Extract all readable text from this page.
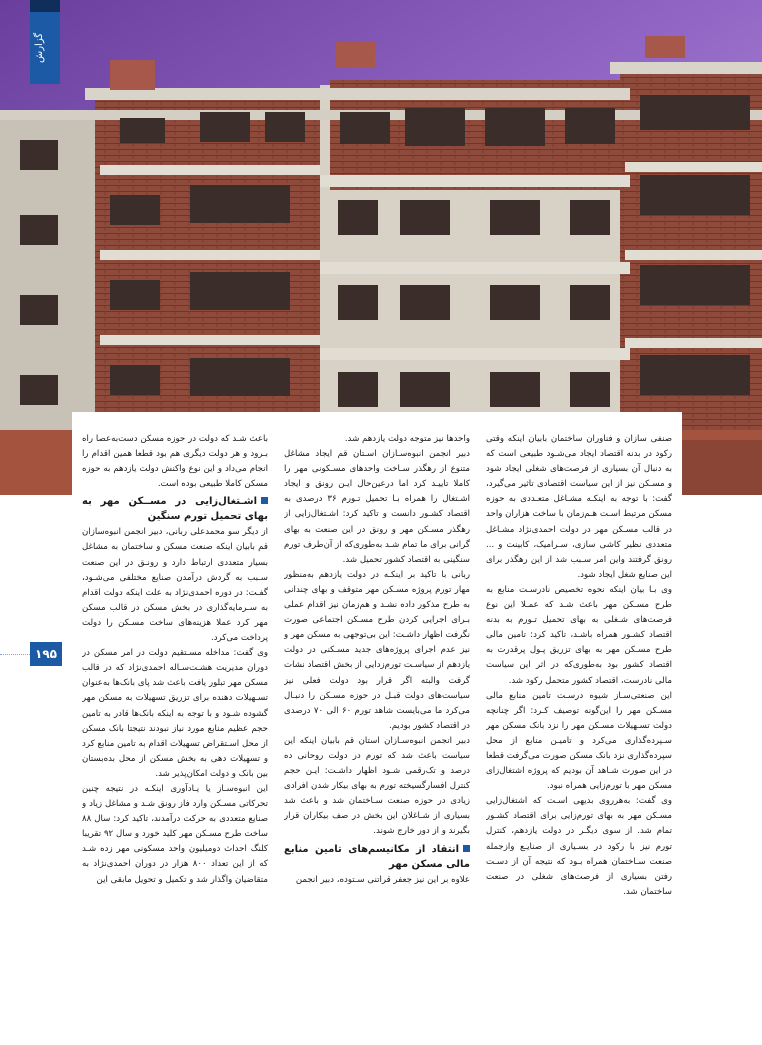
گزارش

باعث شـد که دولت در حوزه مسکن دست‌به‌عصا راه بـرود و هر دولت دیگری هم بود قطعا همین اقدام را انجام می‌داد و این نوع واکنش دولت یازدهم به حوزه مسکن کاملا طبیعی بوده است.

اشـتغال‌زایی در مســکن مهر به بهای تحمیل تورم سنگین

از دیگر سو محمدعلی ربانی، دبیر انجمن انبوه‌سازان قم بابیان اینکه صنعت مسکن و ساختمان به مشاغل بسیار متعددی ارتباط دارد و رونـق در این صنعت سـبب به گردش درآمدن صنایع مختلفی می‌شـود، گفـت: در دوره احمدی‌نژاد به علت اینکه دولت اقدام به سـرمایه‌گذاری در بخش مسکن در قالب مسکن مهر کرد عملا هزینه‌های ساخت مسـکن را دولت پرداخت می‌کرد.

وی گفت: مداخله مسـتقیم دولت در امر مسکن در دوران مدیریت هشـت‌سـاله احمدی‌نژاد که در قالب مسکن مهر تبلور یافت باعث شد پای بانک‌ها به‌عنوان تسـهیلات دهنده برای تزریق تسهیلات به مسکن مهر گشوده شـود و با توجه به اینکه بانک‌ها قادر به تامین حجم عظیم منابع مورد نیاز نبودند نتیجتا بانک مسکن از محل اسـتقراض تسهیلات اقدام به تامین منابع کرد و تسهیلات دهی به بخش مسکن از محل بده‌بستان بین بانک و دولت امکان‌پذیر شد.

این انبوه‌سـاز یا یـادآوری اینکـه در نتیجه چنین تحرکاتی مسـکن وارد فاز رونق شـد و مشاغل زیاد و صنایع متعددی به حرکت درآمدند، تاکید کرد: سال ۸۸ ساخت طرح مسـکن مهر کلید خورد و سال ۹۲ تقریبا کلنگ احداث دومیلیون واحد مسکونی مهر زده شـد که از این تعداد ۸۰۰ هزار در دوران احمدی‌نژاد به متقاضیان واگذار شد و تکمیل و تحویل مابقی این

واحدها نیز متوجه دولت یازدهم شد.

دبیر انجمن انبوه‌سـازان اسـتان قم ایجاد مشاغل متنوع از رهگذر سـاخت واحدهای مسـکونی مهر را کاملا تاییـد کرد اما درعین‌حال ایـن رونق و ایجاد اشـتغال را همراه بـا تحمیل تـورم ۳۶ درصدی به اقتصاد کشـور دانست و تاکید کرد: اشـتغال‌زایی از رهگذر مسـکن مهر و رونق در این صنعت به بهای گرانی برای ما تمام شـد به‌طوری‌که از آن‌طرف تورم سنگینی به اقتصاد کشور تحمیل شد.

ربانی با تاکید بر اینکـه در دولت یازدهم به‌منظور مهار تورم پروژه مسـکن مهر متوقف و بهای چندانی به طرح مذکور داده نشـد و هم‌زمان نیز اقدام عملی بـرای اجرایی کردن طرح مسـکن اجتماعی صورت نگرفت اظهار داشـت: این بی‌توجهی به مسکن مهر و نیز عدم اجرای پروژه‌های جدید مسـکنی در دولت یازدهم از سیاسـت تورم‌زدایی از بخش اقتصاد نشات گرفت والبته اگر قرار بود دولت فعلی نیز سیاست‌های دولت قبـل در حوزه مسـکن را دنبـال می‌کرد ما می‌بایست شاهد تورم ۶۰ الی ۷۰ درصدی در اقتصاد کشور بودیم.

دبیر انجمن انبوه‌سـازان استان قم بابیان اینکه این سیاست باعث شد که تورم در دولت روحانی ده درصد و تک‌رقمی شـود اظهار داشـت: ایـن حجم کنترل افسارگسیخته تورم به بهای بیکار شدن افرادی زیادی در حوزه صنعت سـاختمان شد و باعث شد بسیاری از شـاغلان این بخش در صف بیکاران قرار بگیرند و از دور خارج شوند.

انتقاد از مکانیسم‌های تامین منابع مالی مسکن مهر

علاوه بر این نیز جعفر قراتنی سـتوده، دبیر انجمن

صنفی سازان و فناوران ساختمان بابیان اینکه وقتی رکود در بدنه اقتصاد ایجاد می‌شـود طبیعی است که به دنبال آن بسیاری از فرصت‌های شغلی ایجاد شود و مسـکن نیز از این سیاست اقتصادی تاثیر می‌گیرد، گفت: با توجه به اینکـه مشـاغل متعـددی به حوزه مسکن مرتبط اسـت هـم‌زمان با ساخت هزاران واحد در قالب مسـکن مهر در دولت احمدی‌نژاد مشـاغل متعددی نظیر کاشی سازی، سـرامیک، کابینت و ... رونق گرفتند واین امر سـبب شد از این رهگذر برای این صنایع شغل ایجاد شود.

وی بـا بیان اینکه نحوه تخصیص نادرسـت منابع به طرح مسـکن مهر باعث شـد که عمـلا این نوع فرصت‌های شـغلی به بهای تحمیل تـورم به بدنه اقتصاد کشـور همراه باشـد، تاکید کرد: تامین مالی طرح مسـکن مهر به بهای تزریق پـول پرقدرت به اقتصاد کشور بود به‌طوری‌که در اثر این سیاست مالی نادرست، اقتصاد کشور متحمل رکود شد.

این صنعتی‌سـاز شیوه درسـت تامین منابع مالی مسـکن مهر را این‌گونه توصیف کـرد: اگر چنانچه دولت تسـهیلات مسـکن مهر را نزد بانک مسکن مهر سـپرده‌گذاری می‌کرد و تامیـن منابع از محل سپرده‌گذاری نزد بانک مسکن صورت می‌گرفت قطعا در این صورت شـاهد آن بودیم که پروژه اشتغال‌زای مسکن مهر با تورم‌زایی همراه نبود.

وی گفت: به‌هرروی بدیهی اسـت که اشتغال‌زایی مسـکن مهر به بهای تورم‌زایی برای اقتصاد کشـور تمام شد. از سوی دیگـر در دولت یازدهم، کنترل تورم نیز با رکود در بسـیاری از صنایـع وازجمله صنعت سـاختمان همراه بـود که نتیجه آن از دسـت رفتن بسیاری از فرصت‌های شغلی در صنعت ساختمان شد.

۱۹۵
